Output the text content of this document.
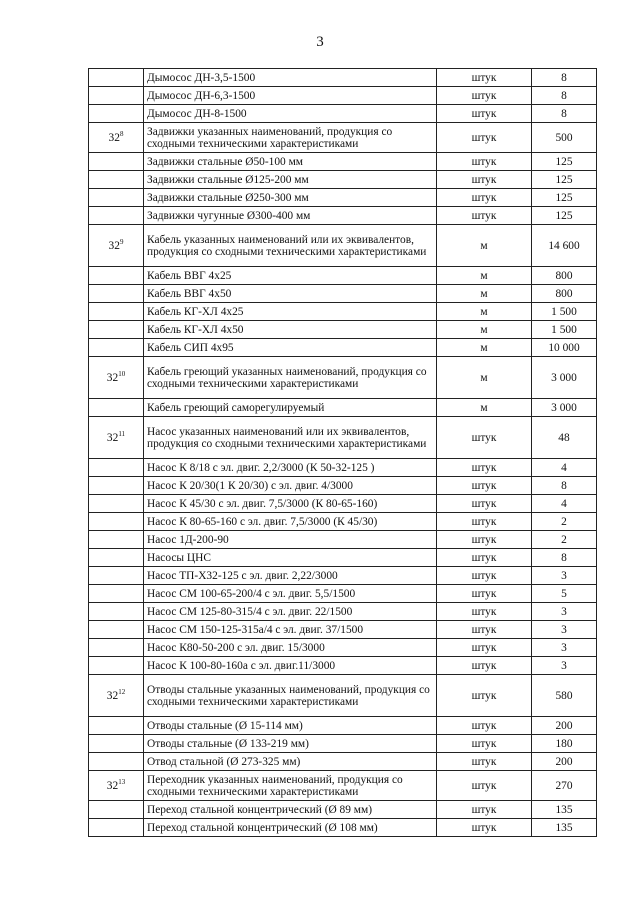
3
	Дымосос ДН-3,5-1500	штук	8
	Дымосос ДН-6,3-1500	штук	8
	Дымосос ДН-8-1500	штук	8
$32^8$	Задвижки указанных наименований, продукция со сходными техническими характеристиками	штук	500
	Задвижки стальные Ø50-100 мм	штук	125
	Задвижки стальные Ø125-200 мм	штук	125
	Задвижки стальные Ø250-300 мм	штук	125
	Задвижки чугунные Ø300-400 мм	штук	125
$32^9$	Кабель указанных наименований или их эквивалентов, продукция со сходными техническими характеристиками	м	14 600
	Кабель ВВГ 4х25	м	800
	Кабель ВВГ 4х50	м	800
	Кабель КГ-ХЛ 4х25	м	1 500
	Кабель КГ-ХЛ 4х50	м	1 500
	Кабель СИП 4х95	м	10 000
$32^{10}$	Кабель греющий указанных наименований, продукция со сходными техническими характеристиками	м	3 000
	Кабель греющий саморегулируемый	м	3 000
$32^{11}$	Насос указанных наименований или их эквивалентов, продукция со сходными техническими характеристиками	штук	48
	Насос К 8/18 с эл. двиг. 2,2/3000 (К 50-32-125 )	штук	4
	Насос К 20/30(1 К 20/30) с эл. двиг. 4/3000	штук	8
	Насос К 45/30 с эл. двиг. 7,5/3000 (К 80-65-160)	штук	4
	Насос К 80-65-160 с эл. двиг. 7,5/3000 (К 45/30)	штук	2
	Насос 1Д-200-90	штук	2
	Насосы ЦНС	штук	8
	Насос ТП-Х32-125 с эл. двиг. 2,22/3000	штук	3
	Насос СМ 100-65-200/4 с эл. двиг. 5,5/1500	штук	5
	Насос СМ 125-80-315/4 с эл. двиг. 22/1500	штук	3
	Насос СМ 150-125-315а/4 с эл. двиг. 37/1500	штук	3
	Насос К80-50-200 с эл. двиг. 15/3000	штук	3
	Насос К 100-80-160а с эл. двиг.11/3000	штук	3
$32^{12}$	Отводы стальные указанных наименований, продукция со сходными техническими характеристиками	штук	580
	Отводы стальные (Ø 15-114 мм)	штук	200
	Отводы стальные (Ø 133-219 мм)	штук	180
	Отвод стальной (Ø 273-325 мм)	штук	200
$32^{13}$	Переходник указанных наименований, продукция со сходными техническими характеристиками	штук	270
	Переход стальной концентрический (Ø 89 мм)	штук	135
	Переход стальной концентрический (Ø 108 мм)	штук	135
